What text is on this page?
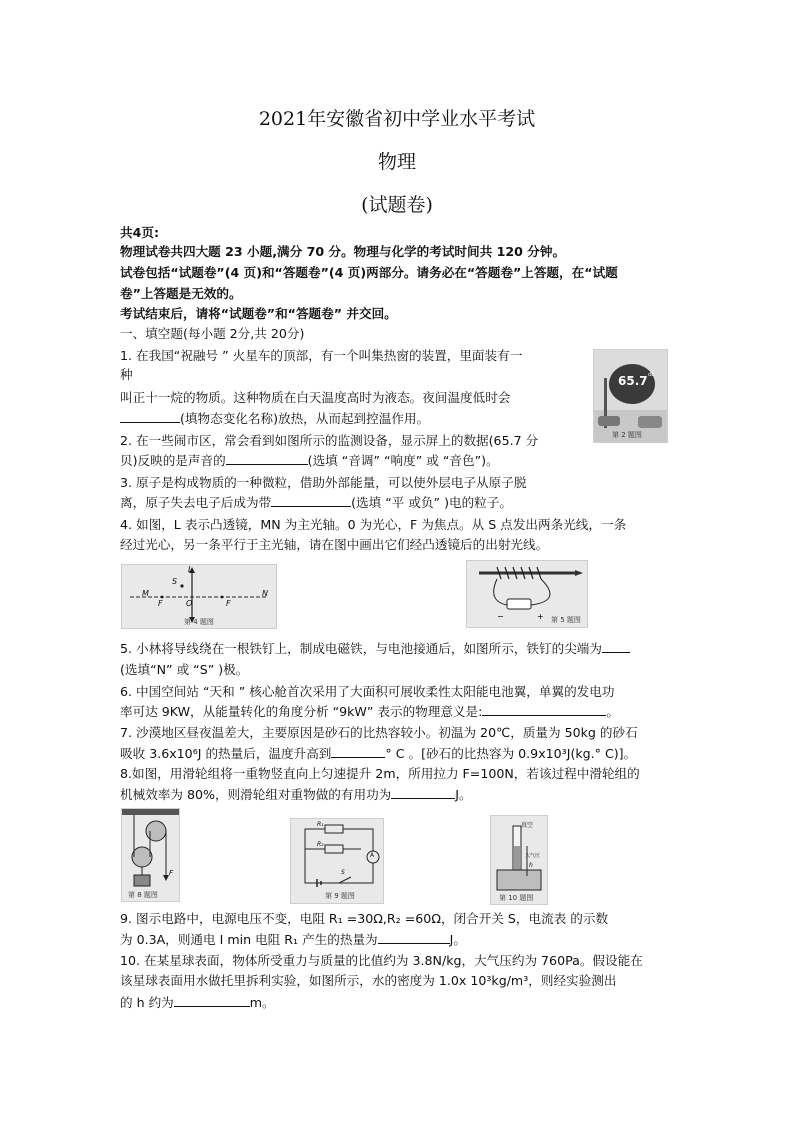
2021年安徽省初中学业水平考试
物理
(试题卷)
共4页:
物理试卷共四大题 23 小题,满分 70 分。物理与化学的考试时间共 120 分钟。
试卷包括“试题卷”(4 页)和“答题卷”(4 页)两部分。请务必在“答题卷”上答题，在“试题
卷”上答题是无效的。
考试结束后，请将“试题卷”和“答题卷” 并交回。
一、填空题(每小题 2分,共 20分)
1. 在我国“祝融号 ” 火星车的顶部，有一个叫集热窗的装置，里面装有一
种
叫正十一烷的物质。这种物质在白天温度高时为液态。夜间温度低时会
(填物态变化名称)放热，从而起到控温作用。
65.7 dB
第 2 题图
2. 在一些闹市区，常会看到如图所示的监测设备，显示屏上的数据(65.7 分
贝)反映的是声音的	(选填 “音调” “响度” 或 “音色”)。
3. 原子是构成物质的一种微粒，借助外部能量，可以使外层电子从原子脱
离，原子失去电子后成为带	(选填 “平 或负” )电的粒子。
4. 如图，L 表示凸透镜，MN 为主光轴。0 为光心，F 为焦点。从 S 点发出两条光线，一条
经过光心，另一条平行于主光轴，请在图中画出它们经凸透镜后的出射光线。
L
S
O
M	N
F	F
第 4 题图
−	+ 第 5 题图
5. 小林将导线绕在一根铁钉上，制成电磁铁，与电池接通后，如图所示，铁钉的尖端为
(选填“N” 或 “S” )极。
6. 中国空间站 “天和 ” 核心舱首次采用了大面积可展收柔性太阳能电池翼，单翼的发电功
率可达 9KW，从能量转化的角度分析 “9kW” 表示的物理意义是:	。
7. 沙漠地区昼夜温差大，主要原因是砂石的比热容较小。初温为 20℃，质量为 50kg 的砂石
吸收 3.6x10⁶J 的热量后，温度升高到	° C 。[砂石的比热容为 0.9x10³J(kg.° C)]。
8.如图，用滑轮组将一重物竖直向上匀速提升 2m，所用拉力 F=100N，若该过程中滑轮组的
机械效率为 80%，则滑轮组对重物做的有用功为	J。
F
第 8 题图
R₁
R₂
A
S
第 9 题图
真空
大气压
h
第 10 题图
9. 图示电路中，电源电压不变，电阻 R₁ =30Ω,R₂ =60Ω，闭合开关 S，电流表 的示数
为 0.3A，则通电 I min 电阻 R₁ 产生的热量为	J。
10. 在某星球表面，物体所受重力与质量的比值约为 3.8N/kg，大气压约为 760Pa。假设能在
该星球表面用水做托里拆利实验，如图所示，水的密度为 1.0x 10³kg/m³，则经实验测出
的 h 约为	m。
